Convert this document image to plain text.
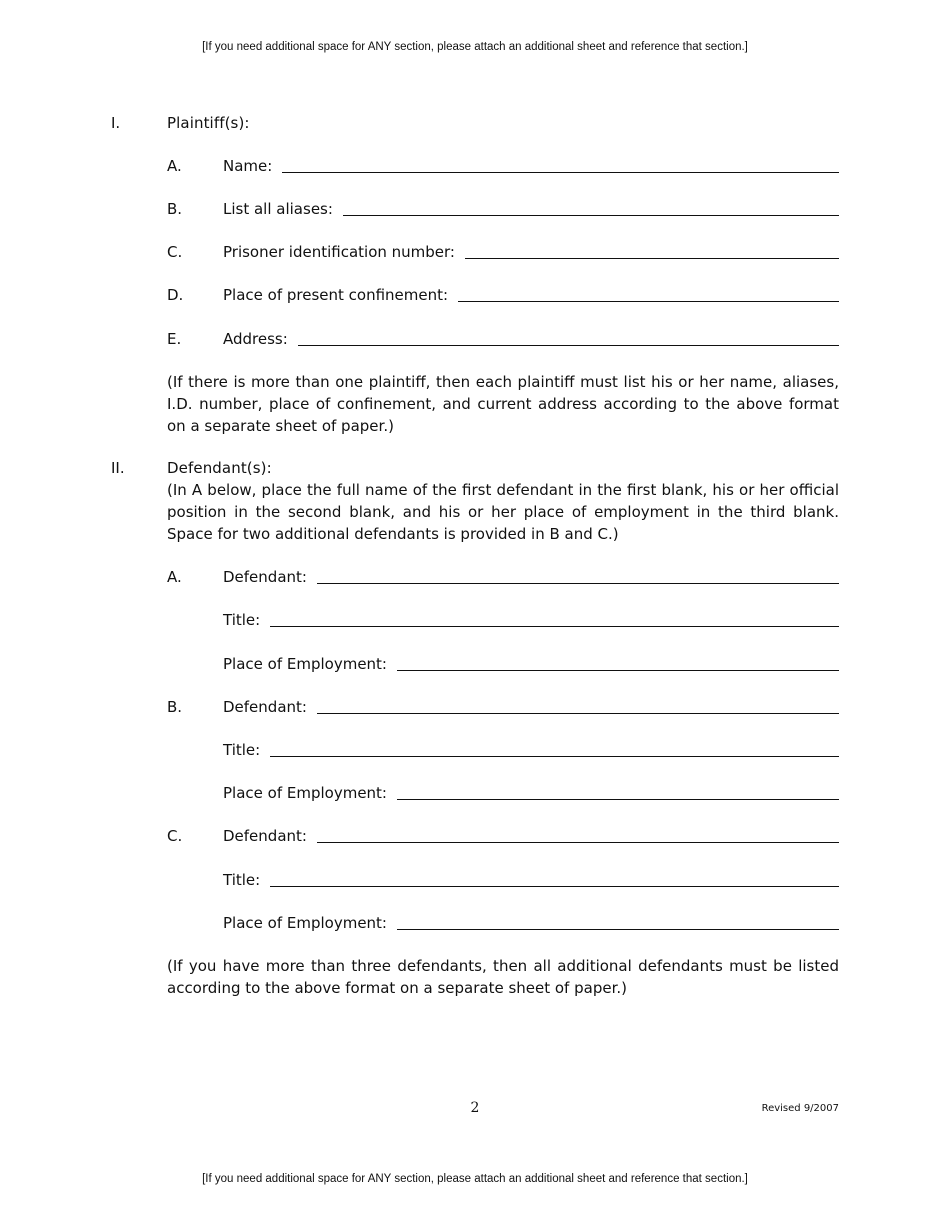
[If you need additional space for ANY section, please attach an additional sheet and reference that section.]
I.	Plaintiff(s):
A.	Name:
B.	List all aliases:
C.	Prisoner identification number:
D.	Place of present confinement:
E.	Address:
(If there is more than one plaintiff, then each plaintiff must list his or her name, aliases, I.D. number, place of confinement, and current address according to the above format on a separate sheet of paper.)
II.	Defendant(s):
(In A below, place the full name of the first defendant in the first blank, his or her official position in the second blank, and his or her place of employment in the third blank. Space for two additional defendants is provided in B and C.)
A.	Defendant:
Title:
Place of Employment:
B.	Defendant:
Title:
Place of Employment:
C.	Defendant:
Title:
Place of Employment:
(If you have more than three defendants, then all additional defendants must be listed according to the above format on a separate sheet of paper.)
2	Revised 9/2007
[If you need additional space for ANY section, please attach an additional sheet and reference that section.]
